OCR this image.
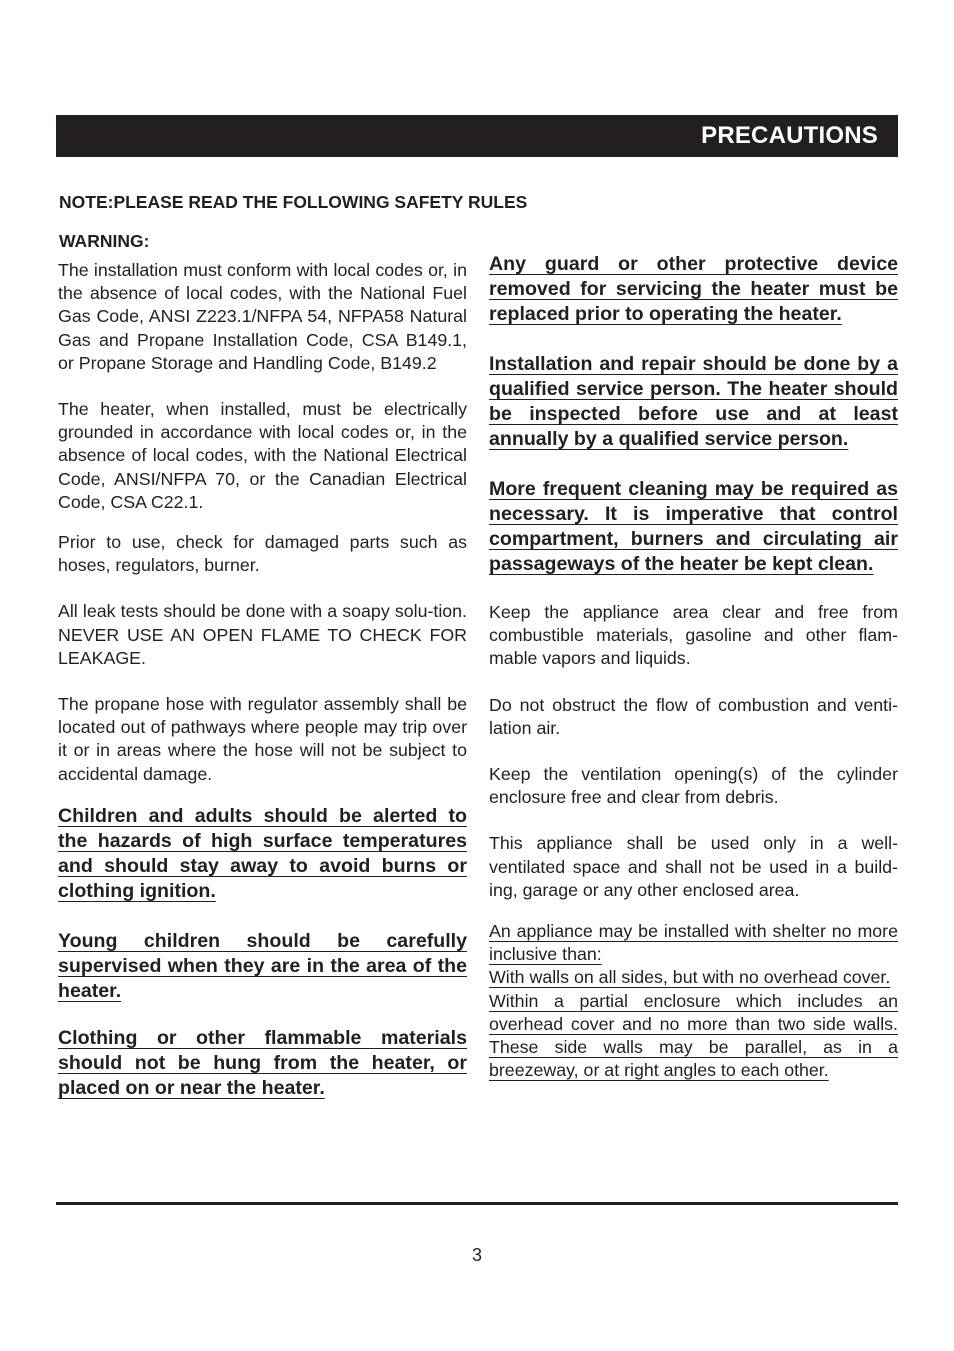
PRECAUTIONS

NOTE:PLEASE READ THE FOLLOWING SAFETY RULES

WARNING:

The installation must conform with local codes or, in the absence of local codes, with the National Fuel Gas Code, ANSI Z223.1/NFPA 54, NFPA58 Natural Gas and Propane Installation Code, CSA B149.1, or Propane Storage and Handling Code, B149.2

The heater, when installed, must be electrically grounded in accordance with local codes or, in the absence of local codes, with the National Electrical Code, ANSI/NFPA 70, or the Canadian Electrical Code, CSA C22.1.

Prior to use, check for damaged parts such as hoses, regulators, burner.

All leak tests should be done with a soapy solu-tion. NEVER USE AN OPEN FLAME TO CHECK FOR LEAKAGE.

The propane hose with regulator assembly shall be located out of pathways where people may trip over it or in areas where the hose will not be subject to accidental damage.

Children and adults should be alerted to the hazards of high surface temperatures and should stay away to avoid burns or clothing ignition.

Young children should be carefully supervised when they are in the area of the heater.

Clothing or other flammable materials should not be hung from the heater, or placed on or near the heater.

Any guard or other protective device removed for servicing the heater must be replaced prior to operating the heater.

Installation and repair should be done by a qualified service person. The heater should be inspected before use and at least annually by a qualified service person.

More frequent cleaning may be required as necessary. It is imperative that control compartment, burners and circulating air passageways of the heater be kept clean.

Keep the appliance area clear and free from combustible materials, gasoline and other flam-mable vapors and liquids.

Do not obstruct the flow of combustion and venti-lation air.

Keep the ventilation opening(s) of the cylinder enclosure free and clear from debris.

This appliance shall be used only in a well-ventilated space and shall not be used in a build-ing, garage or any other enclosed area.

An appliance may be installed with shelter no more inclusive than:

With walls on all sides, but with no overhead cover.

Within a partial enclosure which includes an overhead cover and no more than two side walls. These side walls may be parallel, as in a breezeway, or at right angles to each other.

3
